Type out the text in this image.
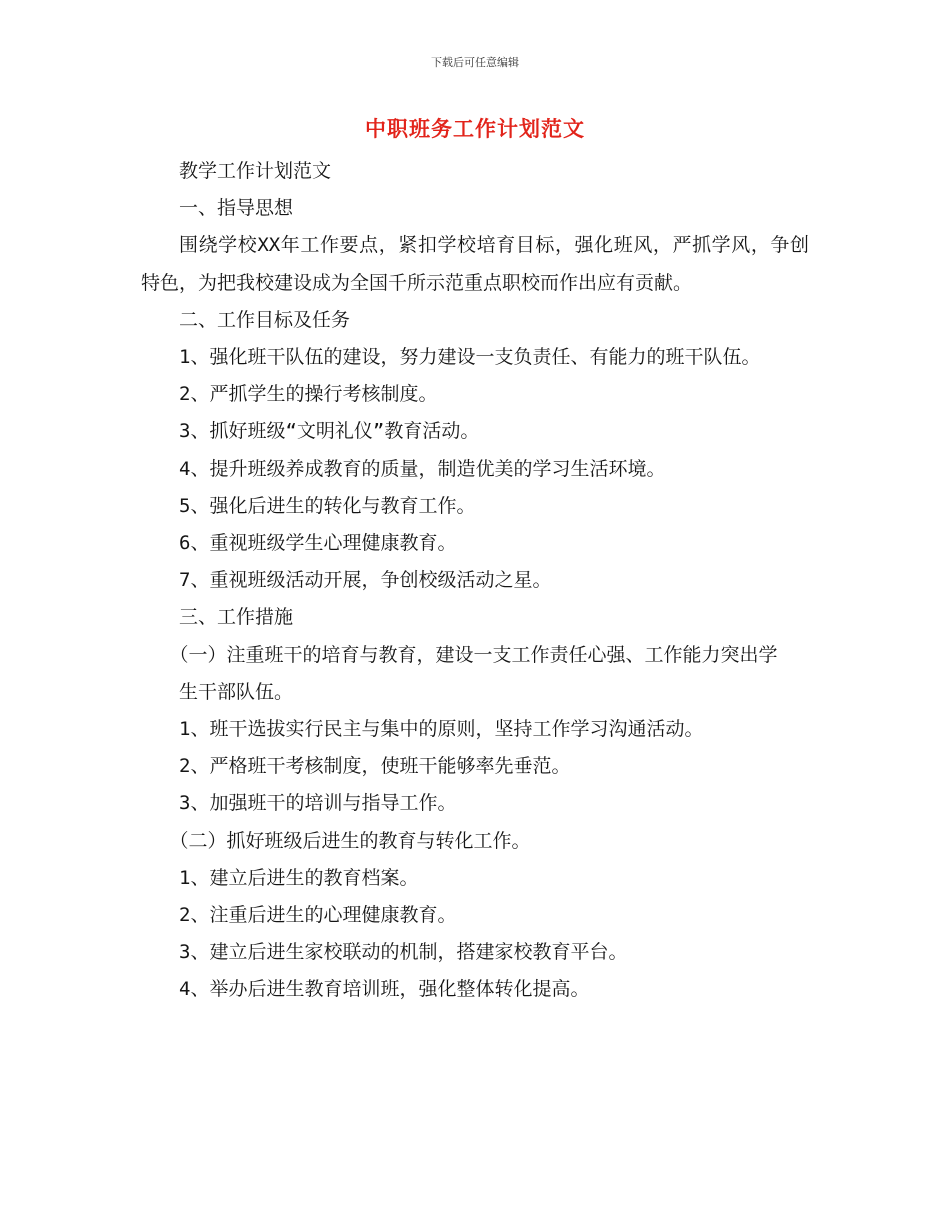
下载后可任意编辑
中职班务工作计划范文

教学工作计划范文

一、指导思想

围绕学校XX年工作要点，紧扣学校培育目标，强化班风，严抓学风，争创特色，为把我校建设成为全国千所示范重点职校而作出应有贡献。

二、工作目标及任务

1、强化班干队伍的建设，努力建设一支负责任、有能力的班干队伍。

2、严抓学生的操行考核制度。

3、抓好班级“文明礼仪”教育活动。

4、提升班级养成教育的质量，制造优美的学习生活环境。

5、强化后进生的转化与教育工作。

6、重视班级学生心理健康教育。

7、重视班级活动开展，争创校级活动之星。

三、工作措施

（一）注重班干的培育与教育，建设一支工作责任心强、工作能力突出学

生干部队伍。

1、班干选拔实行民主与集中的原则，坚持工作学习沟通活动。

2、严格班干考核制度，使班干能够率先垂范。

3、加强班干的培训与指导工作。

（二）抓好班级后进生的教育与转化工作。

1、建立后进生的教育档案。

2、注重后进生的心理健康教育。

3、建立后进生家校联动的机制，搭建家校教育平台。

4、举办后进生教育培训班，强化整体转化提高。
